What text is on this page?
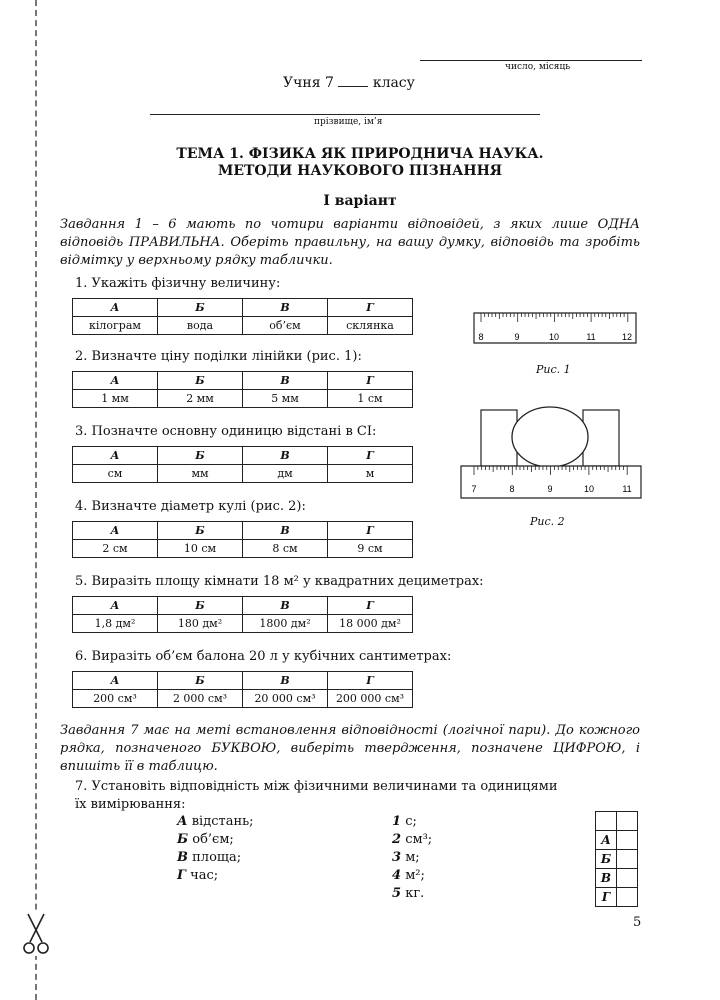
число, місяць
Учня 7	класу
прізвище, ім’я
ТЕМА 1. ФІЗИКА ЯК ПРИРОДНИЧА НАУКА.
МЕТОДИ НАУКОВОГО ПІЗНАННЯ
І варіант
Завдання 1 – 6 мають по чотири варіанти відповідей, з яких лише ОДНА відповідь ПРАВИЛЬНА. Оберіть правильну, на вашу думку, відповідь та зробіть відмітку у верхньому рядку таблички.
1. Укажіть фізичну величину:
А	Б	В	Г
кілограм	вода	об’єм	склянка
2. Визначте ціну поділки лінійки (рис. 1):
А	Б	В	Г
1 мм	2 мм	5 мм	1 см
3. Позначте основну одиницю відстані в СІ:
А	Б	В	Г
см	мм	дм	м
4. Визначте діаметр кулі (рис. 2):
А	Б	В	Г
2 см	10 см	8 см	9 см
5. Виразіть площу кімнати 18 м² у квадратних дециметрах:
А	Б	В	Г
1,8 дм²	180 дм²	1800 дм²	18 000 дм²
6. Виразіть об’єм балона 20 л у кубічних сантиметрах:
А	Б	В	Г
200 см³	2 000 см³	20 000 см³	200 000 см³
8	9	10	11	12
Рис. 1
7	8	9	10	11
Рис. 2
Завдання 7 має на меті встановлення відповідності (логічної пари). До кожного рядка, позначеного БУКВОЮ, виберіть твердження, позначене ЦИФРОЮ, і впишіть її в таблицю.
7. Установіть відповідність між фізичними величинами та одиницями їх вимірювання:
А відстань;
Б об’єм;
В площа;
Г час;
1 с;
2 см³;
3 м;
4 м²;
5 кг.

А	
Б	
В	
Г	
5
